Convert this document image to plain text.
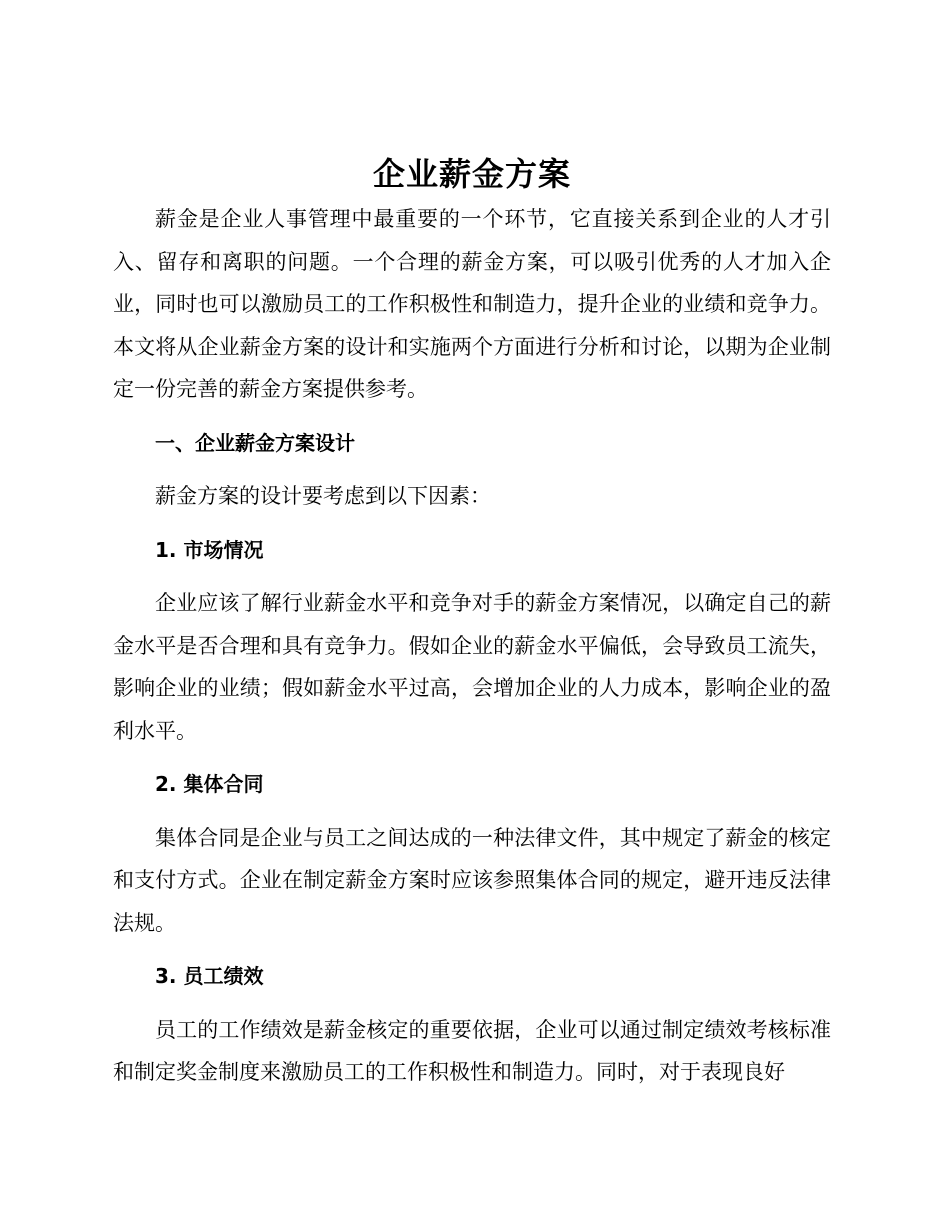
企业薪金方案

薪金是企业人事管理中最重要的一个环节，它直接关系到企业的人才引入、留存和离职的问题。一个合理的薪金方案，可以吸引优秀的人才加入企业，同时也可以激励员工的工作积极性和制造力，提升企业的业绩和竞争力。本文将从企业薪金方案的设计和实施两个方面进行分析和讨论，以期为企业制定一份完善的薪金方案提供参考。

一、企业薪金方案设计

薪金方案的设计要考虑到以下因素：

1. 市场情况

企业应该了解行业薪金水平和竞争对手的薪金方案情况，以确定自己的薪金水平是否合理和具有竞争力。假如企业的薪金水平偏低，会导致员工流失，影响企业的业绩；假如薪金水平过高，会增加企业的人力成本，影响企业的盈利水平。

2. 集体合同

集体合同是企业与员工之间达成的一种法律文件，其中规定了薪金的核定和支付方式。企业在制定薪金方案时应该参照集体合同的规定，避开违反法律法规。

3. 员工绩效

员工的工作绩效是薪金核定的重要依据，企业可以通过制定绩效考核标准和制定奖金制度来激励员工的工作积极性和制造力。同时，对于表现良好
